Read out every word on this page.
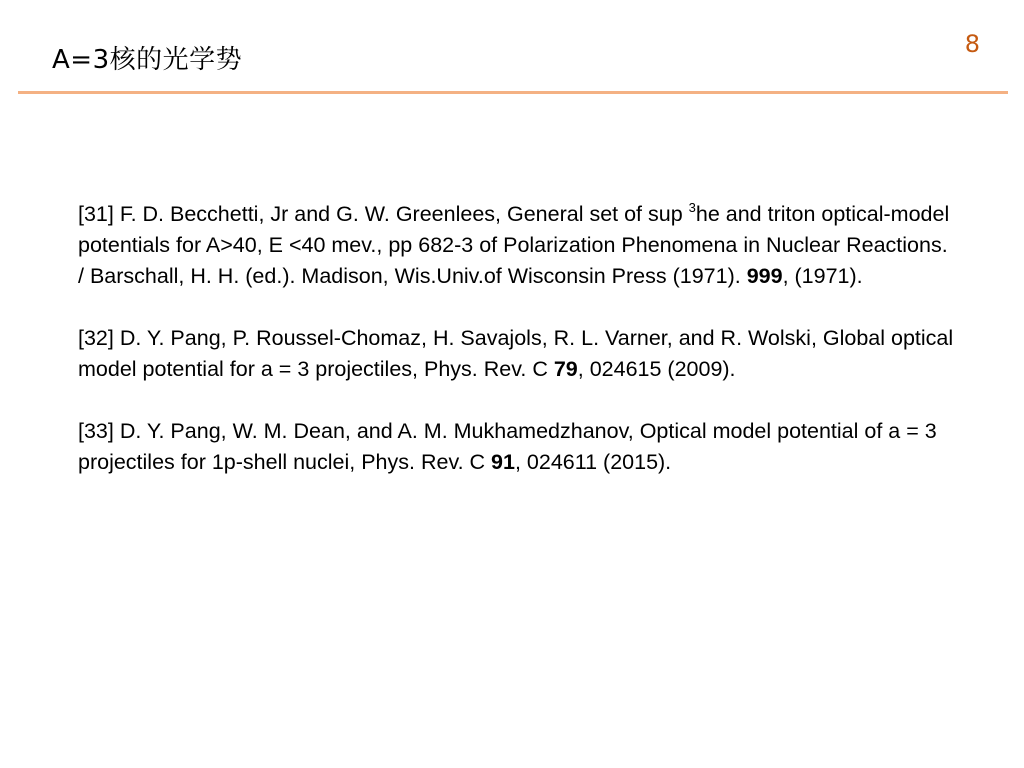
A=3核的光学势
8

[31] F. D. Becchetti, Jr and G. W. Greenlees, General set of sup $^3$he and triton optical-model potentials for A>40, E <40 mev., pp 682-3 of Polarization Phenomena in Nuclear Reactions. / Barschall, H. H. (ed.). Madison, Wis.Univ.of Wisconsin Press (1971). 999, (1971).

[32] D. Y. Pang, P. Roussel-Chomaz, H. Savajols, R. L. Varner, and R. Wolski, Global optical model potential for a = 3 projectiles, Phys. Rev. C 79, 024615 (2009).

[33] D. Y. Pang, W. M. Dean, and A. M. Mukhamedzhanov, Optical model potential of a = 3 projectiles for 1p-shell nuclei, Phys. Rev. C 91, 024611 (2015).
